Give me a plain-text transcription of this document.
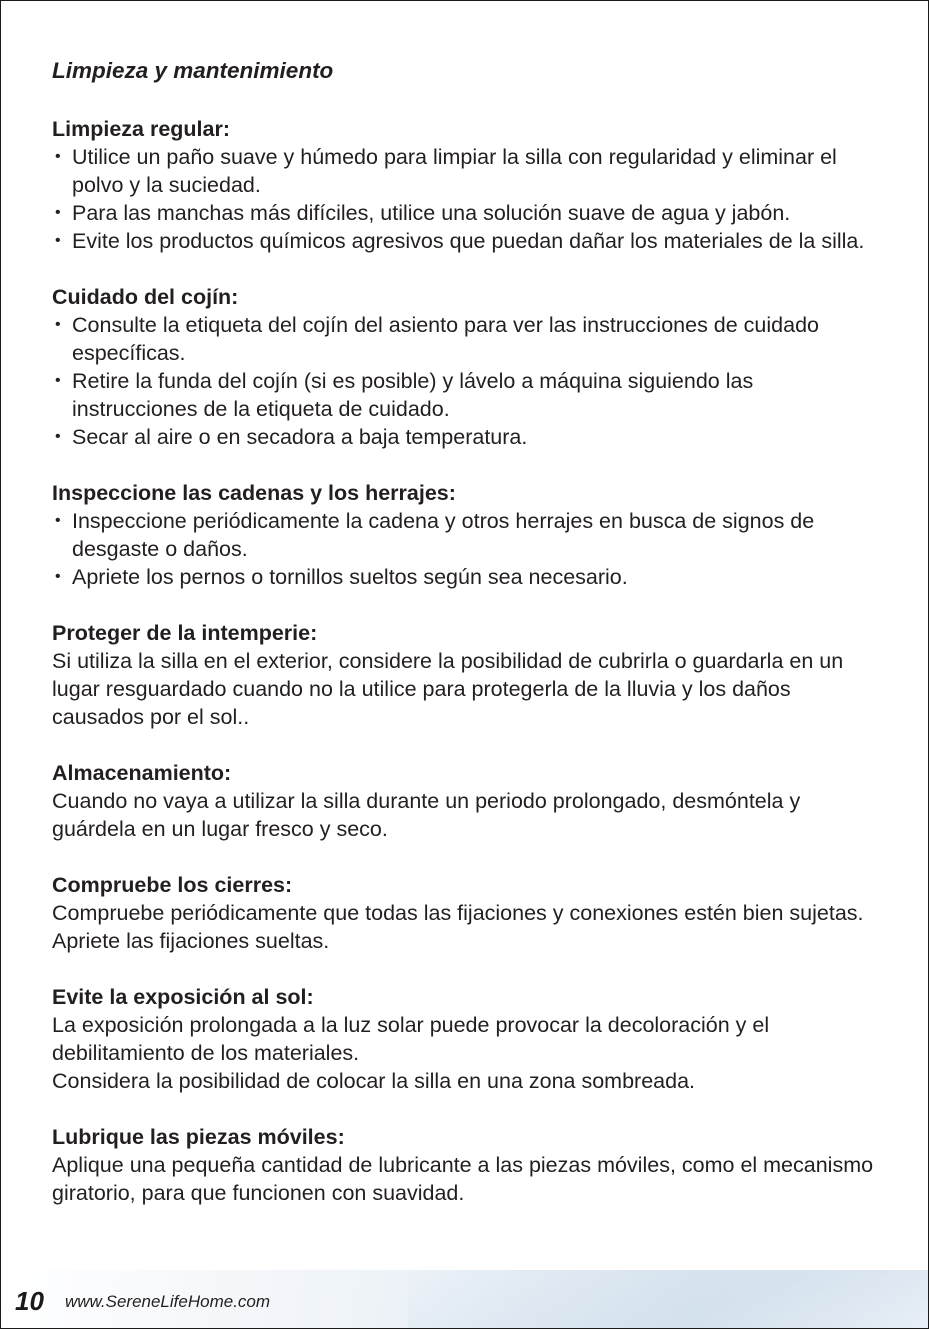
Limpieza y mantenimiento

Limpieza regular:

• Utilice un paño suave y húmedo para limpiar la silla con regularidad y eliminar el polvo y la suciedad.
• Para las manchas más difíciles, utilice una solución suave de agua y jabón.
• Evite los productos químicos agresivos que puedan dañar los materiales de la silla.

Cuidado del cojín:

• Consulte la etiqueta del cojín del asiento para ver las instrucciones de cuidado específicas.
• Retire la funda del cojín (si es posible) y lávelo a máquina siguiendo las instrucciones de la etiqueta de cuidado.
• Secar al aire o en secadora a baja temperatura.

Inspeccione las cadenas y los herrajes:

• Inspeccione periódicamente la cadena y otros herrajes en busca de signos de desgaste o daños.
• Apriete los pernos o tornillos sueltos según sea necesario.

Proteger de la intemperie:

Si utiliza la silla en el exterior, considere la posibilidad de cubrirla o guardarla en un lugar resguardado cuando no la utilice para protegerla de la lluvia y los daños causados por el sol..

Almacenamiento:

Cuando no vaya a utilizar la silla durante un periodo prolongado, desmóntela y guárdela en un lugar fresco y seco.

Compruebe los cierres:

Compruebe periódicamente que todas las fijaciones y conexiones estén bien sujetas.

Apriete las fijaciones sueltas.

Evite la exposición al sol:

La exposición prolongada a la luz solar puede provocar la decoloración y el debilitamiento de los materiales.

Considera la posibilidad de colocar la silla en una zona sombreada.

Lubrique las piezas móviles:

Aplique una pequeña cantidad de lubricante a las piezas móviles, como el mecanismo giratorio, para que funcionen con suavidad.

10 www.SereneLifeHome.com
